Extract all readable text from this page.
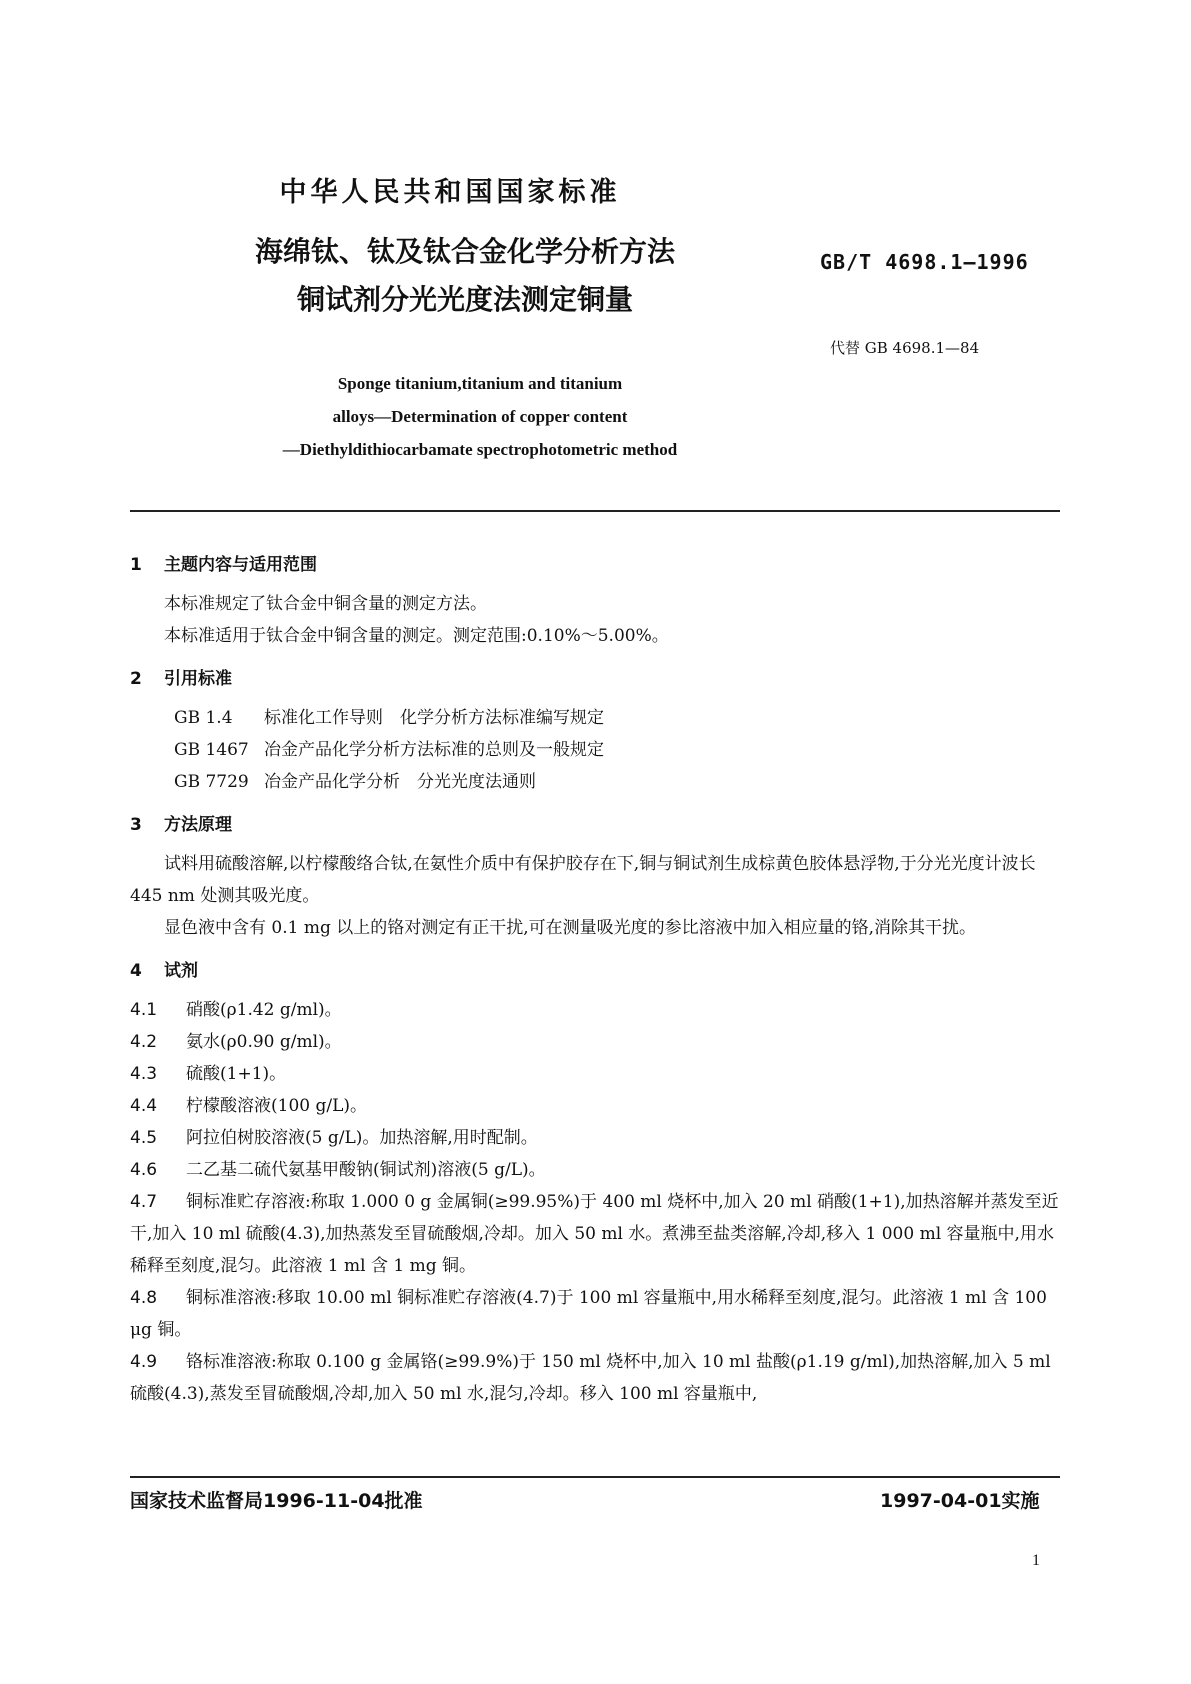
中华人民共和国国家标准
海绵钛、钛及钛合金化学分析方法
铜试剂分光光度法测定铜量
GB/T 4698.1—1996
代替 GB 4698.1—84
Sponge titanium,titanium and titanium
alloys—Determination of copper content
—Diethyldithiocarbamate spectrophotometric method

1 主题内容与适用范围

本标准规定了钛合金中铜含量的测定方法。

本标准适用于钛合金中铜含量的测定。测定范围:0.10%～5.00%。

2 引用标准

GB 1.4 标准化工作导则　化学分析方法标准编写规定
GB 1467 冶金产品化学分析方法标准的总则及一般规定
GB 7729 冶金产品化学分析　分光光度法通则

3 方法原理

试料用硫酸溶解,以柠檬酸络合钛,在氨性介质中有保护胶存在下,铜与铜试剂生成棕黄色胶体悬浮物,于分光光度计波长 445 nm 处测其吸光度。

显色液中含有 0.1 mg 以上的铬对测定有正干扰,可在测量吸光度的参比溶液中加入相应量的铬,消除其干扰。

4 试剂

4.1 硝酸(ρ1.42 g/ml)。

4.2 氨水(ρ0.90 g/ml)。

4.3 硫酸(1+1)。

4.4 柠檬酸溶液(100 g/L)。

4.5 阿拉伯树胶溶液(5 g/L)。加热溶解,用时配制。

4.6 二乙基二硫代氨基甲酸钠(铜试剂)溶液(5 g/L)。

4.7 铜标准贮存溶液:称取 1.000 0 g 金属铜(≥99.95%)于 400 ml 烧杯中,加入 20 ml 硝酸(1+1),加热溶解并蒸发至近干,加入 10 ml 硫酸(4.3),加热蒸发至冒硫酸烟,冷却。加入 50 ml 水。煮沸至盐类溶解,冷却,移入 1 000 ml 容量瓶中,用水稀释至刻度,混匀。此溶液 1 ml 含 1 mg 铜。

4.8 铜标准溶液:移取 10.00 ml 铜标准贮存溶液(4.7)于 100 ml 容量瓶中,用水稀释至刻度,混匀。此溶液 1 ml 含 100 μg 铜。

4.9 铬标准溶液:称取 0.100 g 金属铬(≥99.9%)于 150 ml 烧杯中,加入 10 ml 盐酸(ρ1.19 g/ml),加热溶解,加入 5 ml 硫酸(4.3),蒸发至冒硫酸烟,冷却,加入 50 ml 水,混匀,冷却。移入 100 ml 容量瓶中,

国家技术监督局1996-11-04批准	1997-04-01实施
1
